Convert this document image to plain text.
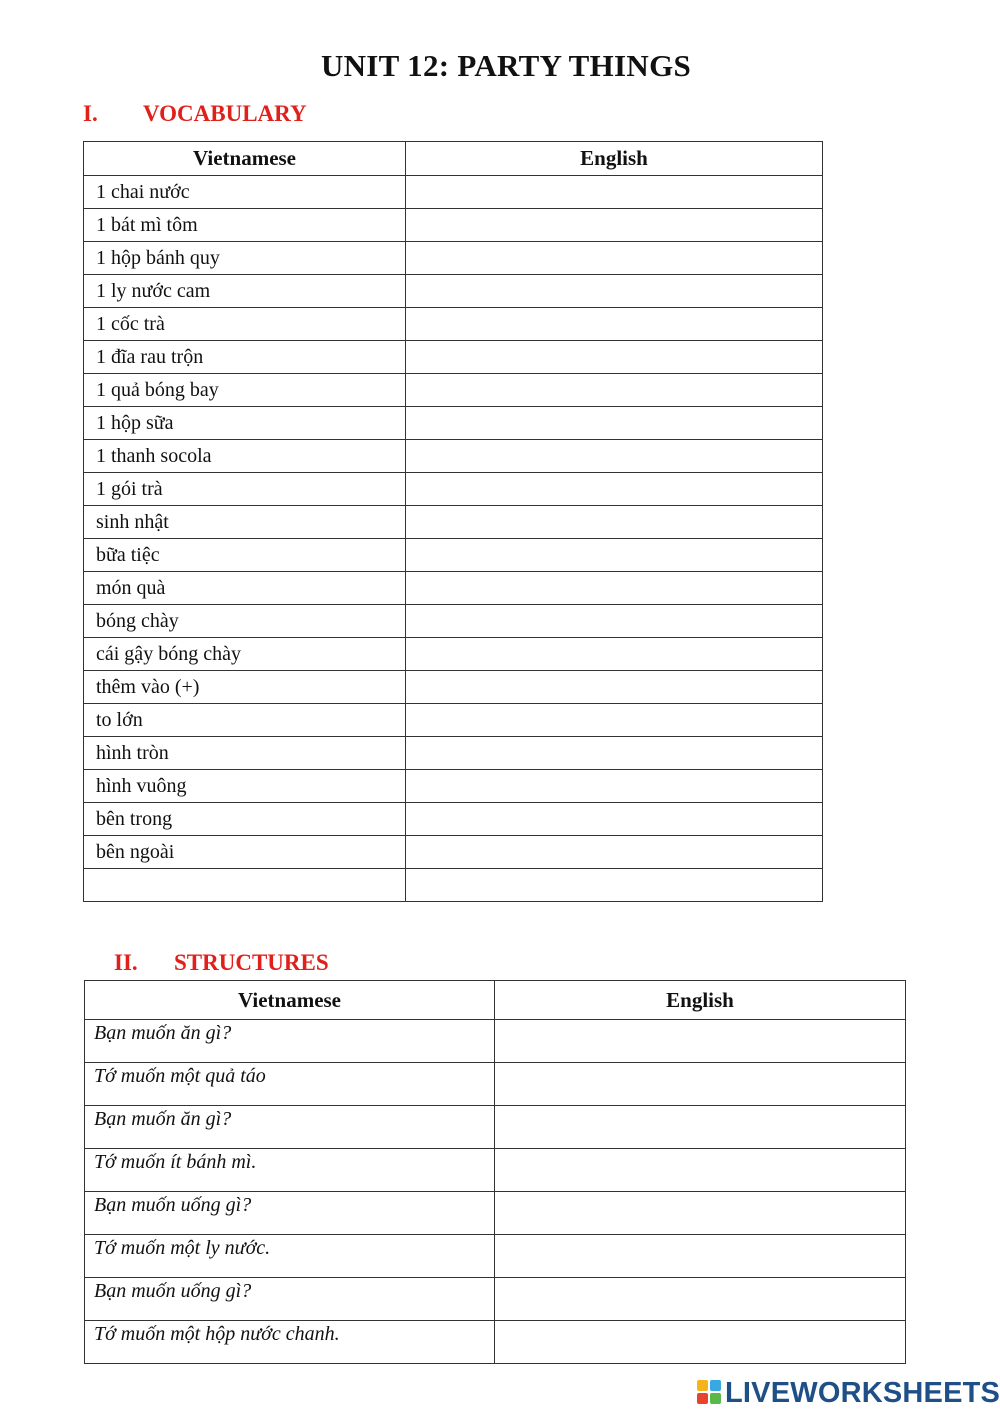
UNIT 12: PARTY THINGS
I. VOCABULARY
Vietnamese	English
1 chai nước	
1 bát mì tôm	
1 hộp bánh quy	
1 ly nước cam	
1 cốc trà	
1 đĩa rau trộn	
1 quả bóng bay	
1 hộp sữa	
1 thanh socola	
1 gói trà	
sinh nhật	
bữa tiệc	
món quà	
bóng chày	
cái gậy bóng chày	
thêm vào (+)	
to lớn	
hình tròn	
hình vuông	
bên trong	
bên ngoài	

II. STRUCTURES
Vietnamese	English
Bạn muốn ăn gì?	
Tớ muốn một quả táo	
Bạn muốn ăn gì?	
Tớ muốn ít bánh mì.	
Bạn muốn uống gì?	
Tớ muốn một ly nước.	
Bạn muốn uống gì?	
Tớ muốn một hộp nước chanh.	
LIVEWORKSHEETS
